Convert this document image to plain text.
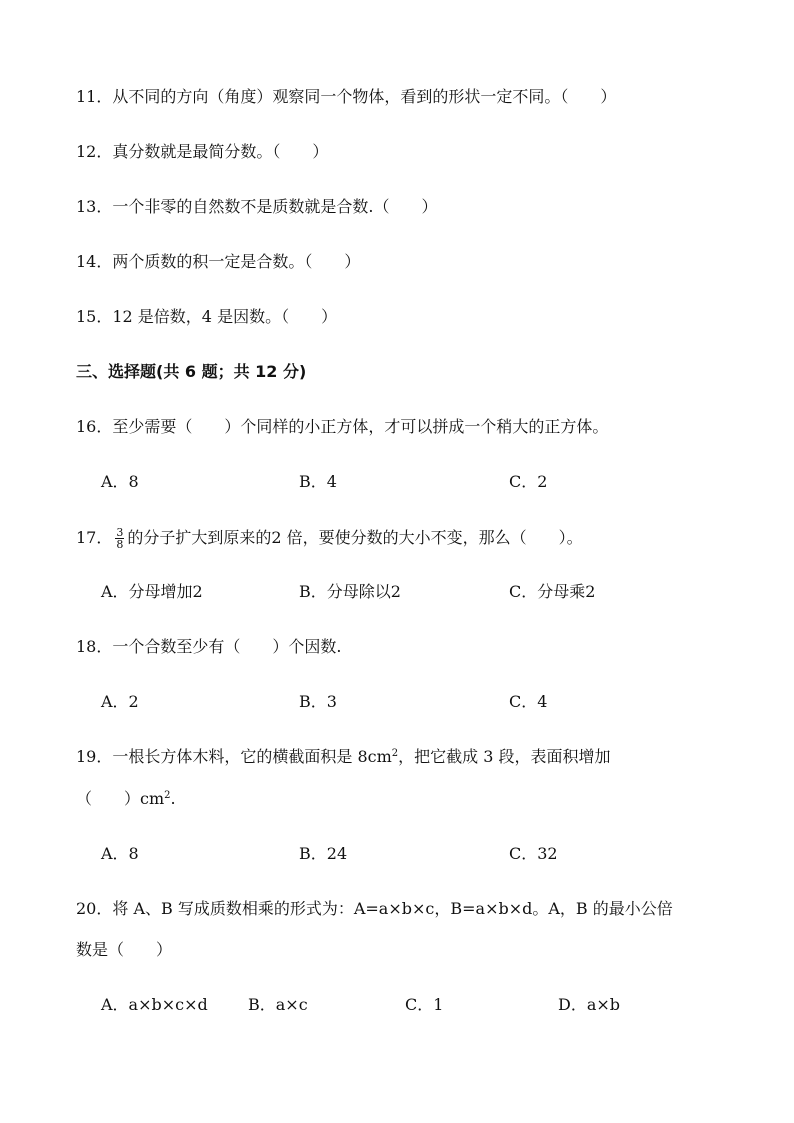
11．从不同的方向（角度）观察同一个物体，看到的形状一定不同。（　　）
12．真分数就是最简分数。（　　）
13．一个非零的自然数不是质数就是合数.（　　）
14．两个质数的积一定是合数。（　　）
15．12 是倍数，4 是因数。（　　）
三、选择题(共 6 题；共 12 分)
16．至少需要（　　）个同样的小正方体，才可以拼成一个稍大的正方体。
A．8	B．4	C．2
17． $\frac{3}{8}$ 的分子扩大到原来的2 倍，要使分数的大小不变，那么（　　）。
A．分母增加2	B．分母除以2	C．分母乘2
18．一个合数至少有（　　）个因数.
A．2	B．3	C．4
19．一根长方体木料，它的横截面积是 $8cm^2$，把它截成 3 段，表面积增加
（　　）$cm^2$.
A．8	B．24	C．32
20．将 A、B 写成质数相乘的形式为：A=a×b×c，B=a×b×d。A，B 的最小公倍
数是（　　）
A．a×b×c×d	B．a×c	C．1	D．a×b
